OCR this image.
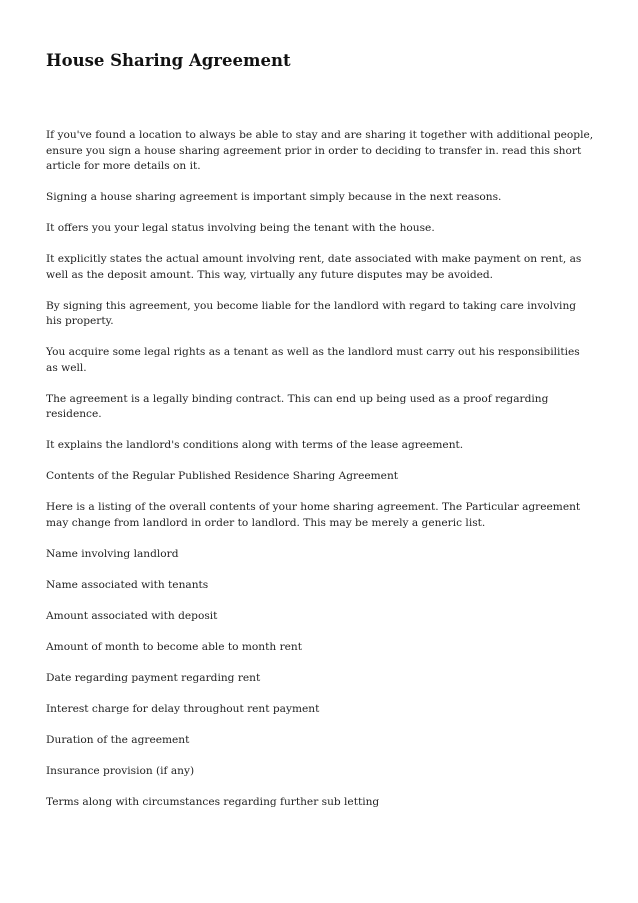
House Sharing Agreement

If you've found a location to always be able to stay and are sharing it together with additional people, ensure you sign a house sharing agreement prior in order to deciding to transfer in. read this short article for more details on it.

Signing a house sharing agreement is important simply because in the next reasons.

It offers you your legal status involving being the tenant with the house.

It explicitly states the actual amount involving rent, date associated with make payment on rent, as well as the deposit amount. This way, virtually any future disputes may be avoided.

By signing this agreement, you become liable for the landlord with regard to taking care involving his property.

You acquire some legal rights as a tenant as well as the landlord must carry out his responsibilities as well.

The agreement is a legally binding contract. This can end up being used as a proof regarding residence.

It explains the landlord's conditions along with terms of the lease agreement.

Contents of the Regular Published Residence Sharing Agreement

Here is a listing of the overall contents of your home sharing agreement. The Particular agreement may change from landlord in order to landlord. This may be merely a generic list.

Name involving landlord

Name associated with tenants

Amount associated with deposit

Amount of month to become able to month rent

Date regarding payment regarding rent

Interest charge for delay throughout rent payment

Duration of the agreement

Insurance provision (if any)

Terms along with circumstances regarding further sub letting
